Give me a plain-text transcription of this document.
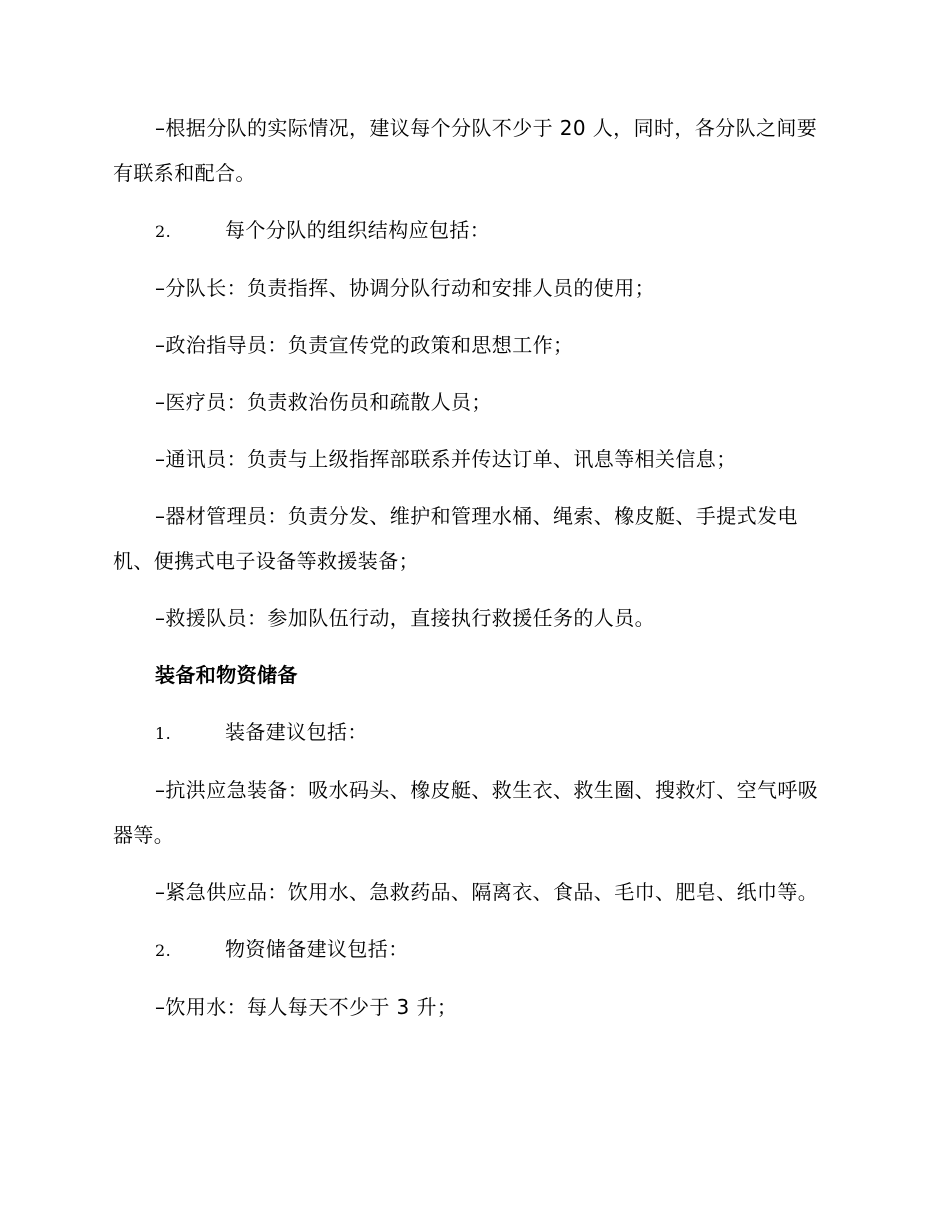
–根据分队的实际情况，建议每个分队不少于 20 人，同时，各分队之间要有联系和配合。

2.	每个分队的组织结构应包括：

–分队长：负责指挥、协调分队行动和安排人员的使用；

–政治指导员：负责宣传党的政策和思想工作；

–医疗员：负责救治伤员和疏散人员；

–通讯员：负责与上级指挥部联系并传达订单、讯息等相关信息；

–器材管理员：负责分发、维护和管理水桶、绳索、橡皮艇、手提式发电机、便携式电子设备等救援装备；

–救援队员：参加队伍行动，直接执行救援任务的人员。

装备和物资储备
1.	装备建议包括：

–抗洪应急装备：吸水码头、橡皮艇、救生衣、救生圈、搜救灯、空气呼吸器等。

–紧急供应品：饮用水、急救药品、隔离衣、食品、毛巾、肥皂、纸巾等。

2.	物资储备建议包括：

–饮用水：每人每天不少于 3 升；
